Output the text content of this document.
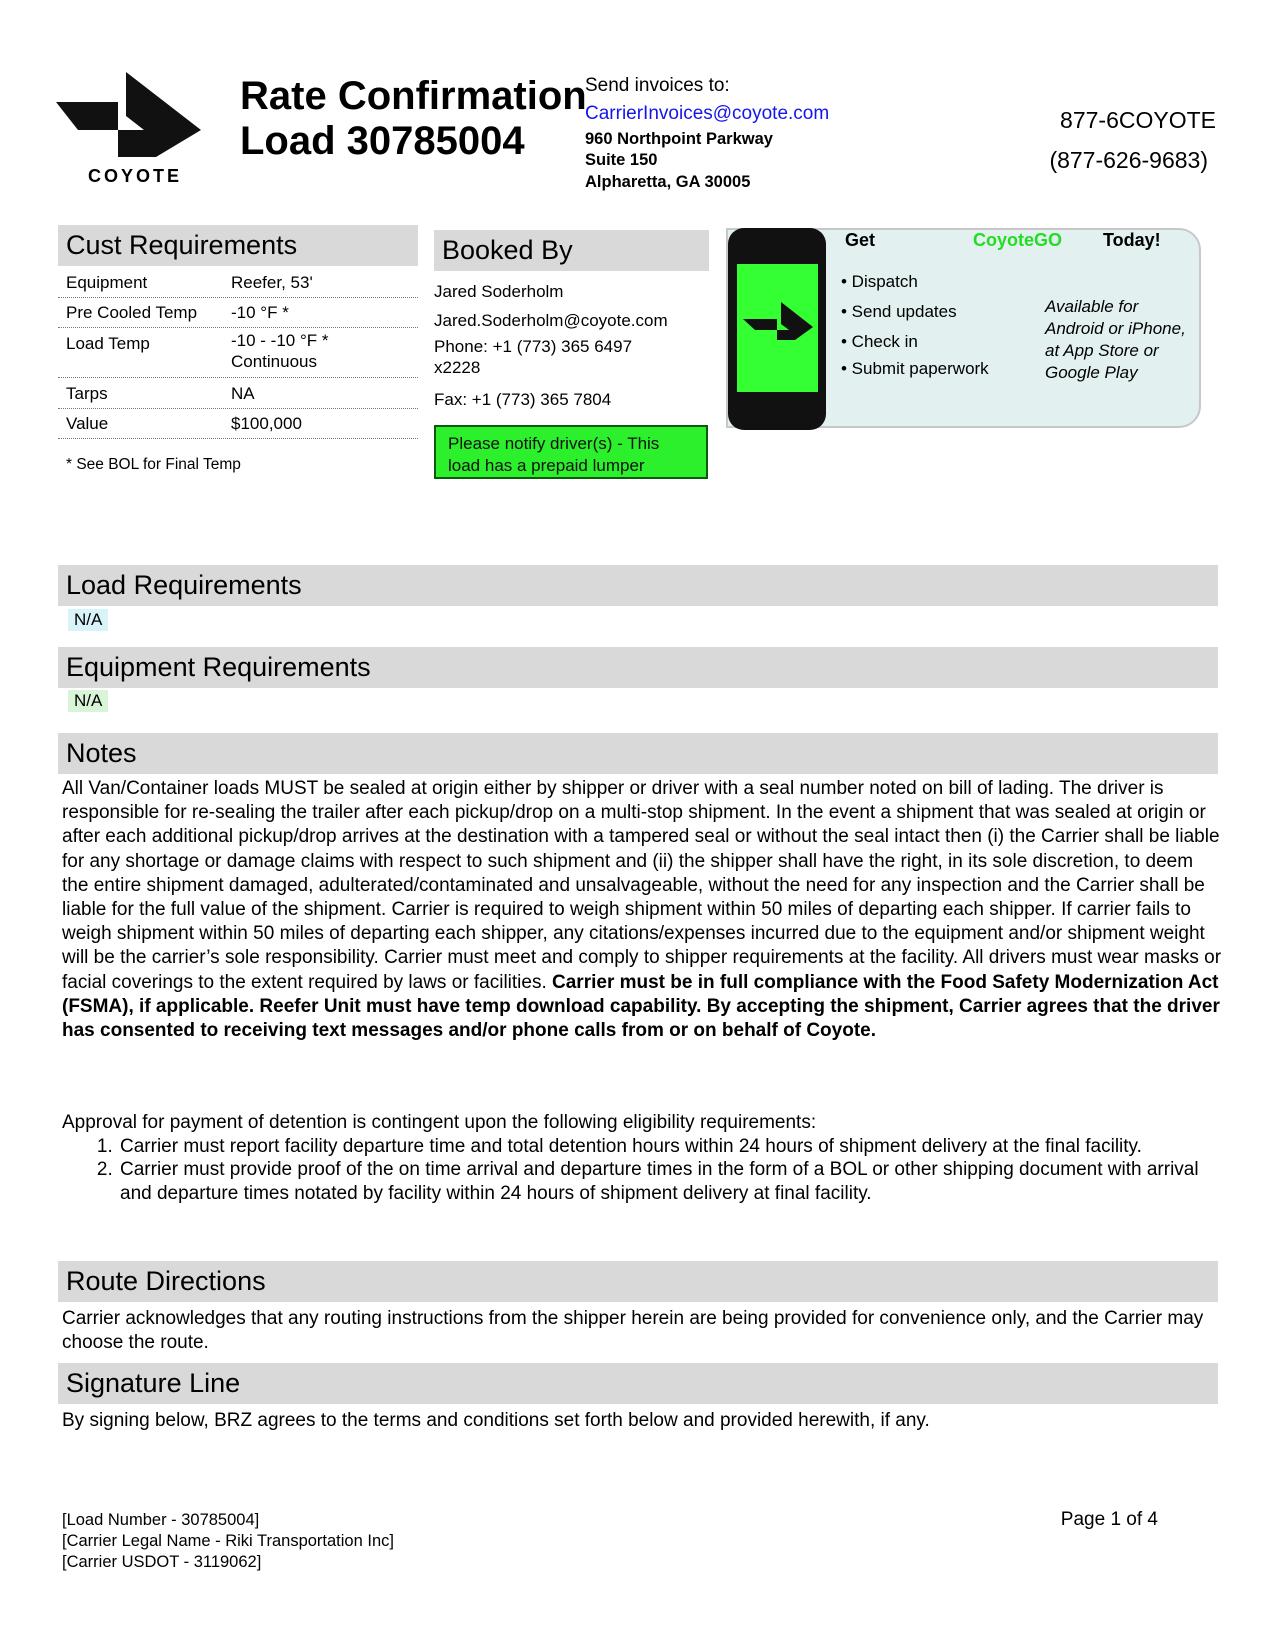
COYOTE
Rate Confirmation
Load 30785004
Send invoices to:
CarrierInvoices@coyote.com
960 Northpoint Parkway
Suite 150
Alpharetta, GA 30005
877-6COYOTE
(877-626-9683)
Cust Requirements
Equipment	Reefer, 53'
Pre Cooled Temp -10 °F *
Load Temp	-10 - -10 °F *
Continuous
Tarps	NA
Value	$100,000
* See BOL for Final Temp
Booked By
Jared Soderholm
Jared.Soderholm@coyote.com
Phone: +1 (773) 365 6497
x2228
Fax: +1 (773) 365 7804
Please notify driver(s) - This load has a prepaid lumper
Get	CoyoteGO Today!
• Dispatch
• Send updates
• Check in
• Submit paperwork
Available for Android or iPhone, at App Store or Google Play
Load Requirements
N/A
Equipment Requirements
N/A
Notes
All Van/Container loads MUST be sealed at origin either by shipper or driver with a seal number noted on bill of lading. The driver is responsible for re-sealing the trailer after each pickup/drop on a multi-stop shipment. In the event a shipment that was sealed at origin or after each additional pickup/drop arrives at the destination with a tampered seal or without the seal intact then (i) the Carrier shall be liable for any shortage or damage claims with respect to such shipment and (ii) the shipper shall have the right, in its sole discretion, to deem the entire shipment damaged, adulterated/contaminated and unsalvageable, without the need for any inspection and the Carrier shall be liable for the full value of the shipment. Carrier is required to weigh shipment within 50 miles of departing each shipper. If carrier fails to weigh shipment within 50 miles of departing each shipper, any citations/expenses incurred due to the equipment and/or shipment weight will be the carrier’s sole responsibility. Carrier must meet and comply to shipper requirements at the facility. All drivers must wear masks or facial coverings to the extent required by laws or facilities. Carrier must be in full compliance with the Food Safety Modernization Act (FSMA), if applicable. Reefer Unit must have temp download capability. By accepting the shipment, Carrier agrees that the driver has consented to receiving text messages and/or phone calls from or on behalf of Coyote.
Approval for payment of detention is contingent upon the following eligibility requirements:
1. Carrier must report facility departure time and total detention hours within 24 hours of shipment delivery at the final facility.
2. Carrier must provide proof of the on time arrival and departure times in the form of a BOL or other shipping document with arrival and departure times notated by facility within 24 hours of shipment delivery at final facility.
Route Directions
Carrier acknowledges that any routing instructions from the shipper herein are being provided for convenience only, and the Carrier may choose the route.
Signature Line
By signing below, BRZ agrees to the terms and conditions set forth below and provided herewith, if any.
[Load Number - 30785004]
[Carrier Legal Name - Riki Transportation Inc]
[Carrier USDOT - 3119062]
Page 1 of 4
